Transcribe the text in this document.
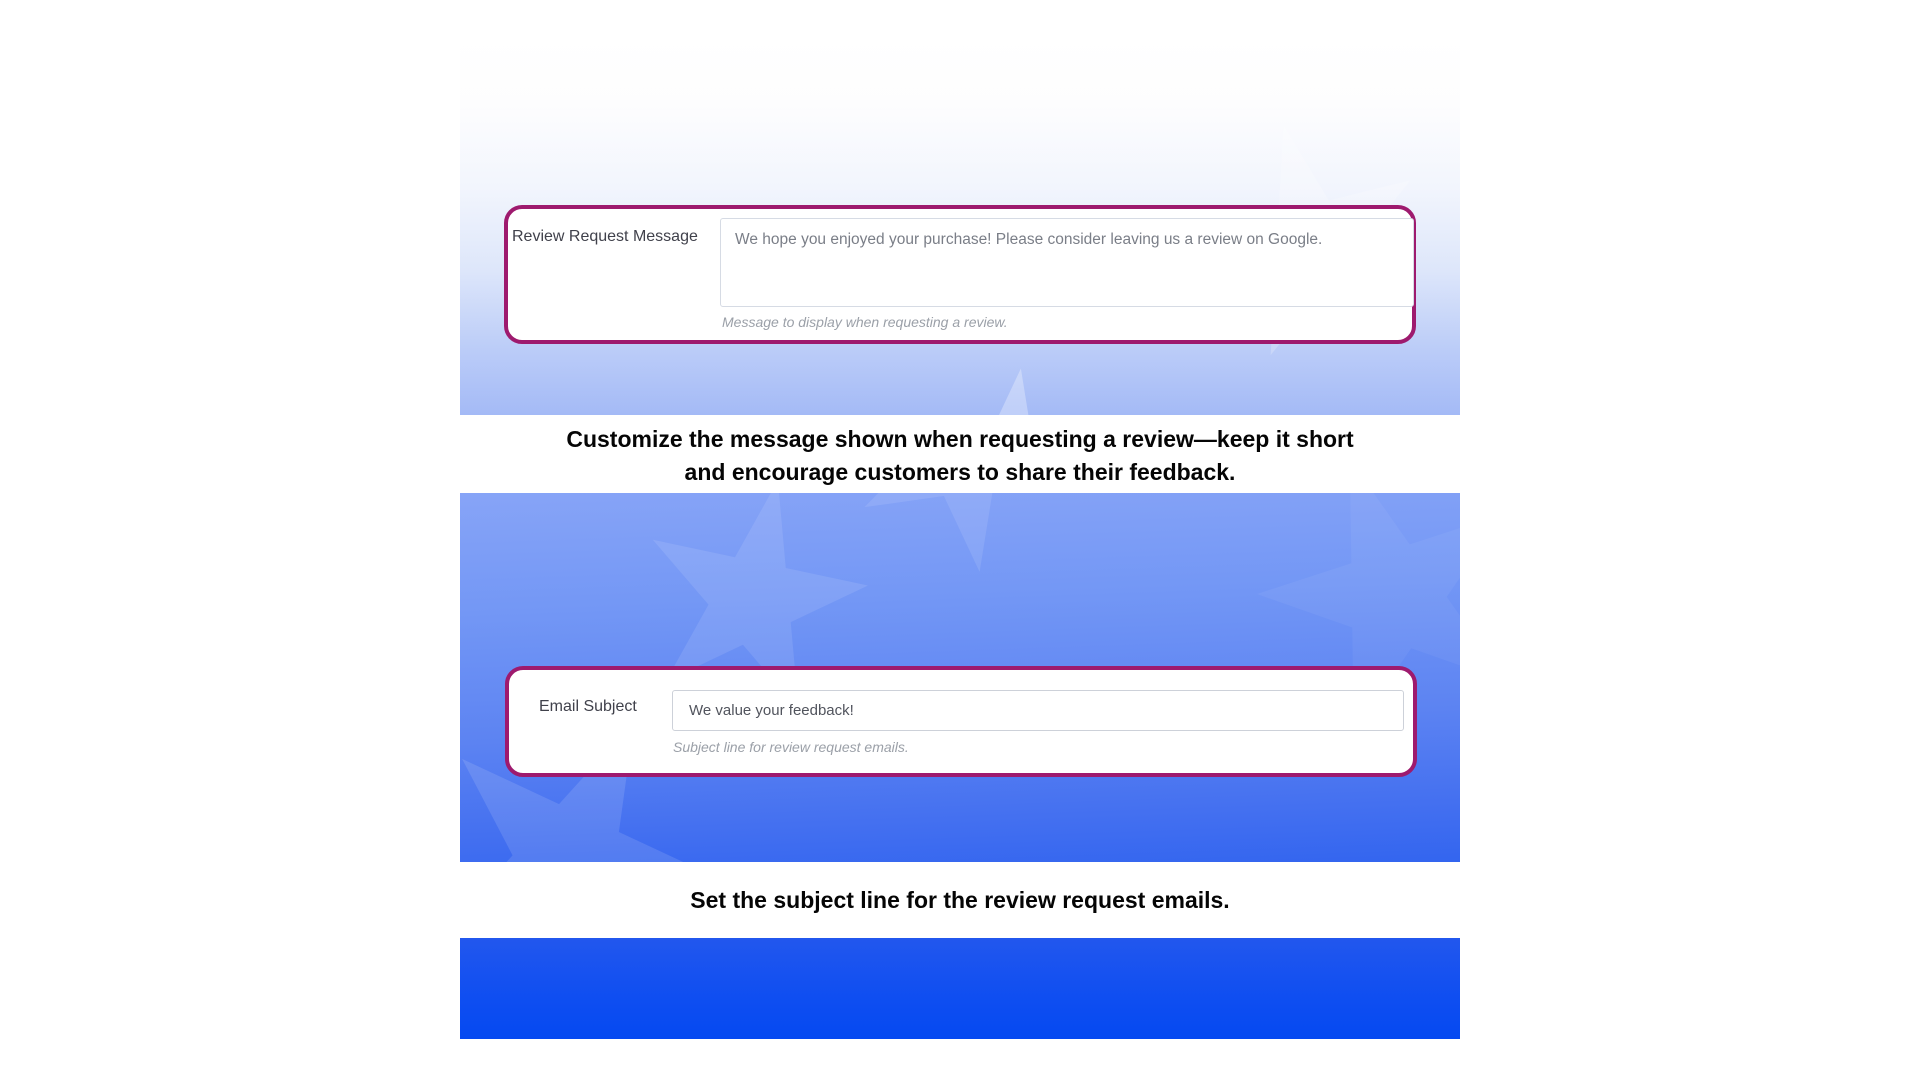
Review Request Message
We hope you enjoyed your purchase! Please consider leaving us a review on Google.
Message to display when requesting a review.
Customize the message shown when requesting a review—keep it short
and encourage customers to share their feedback.
Email Subject
We value your feedback!
Subject line for review request emails.
Set the subject line for the review request emails.
